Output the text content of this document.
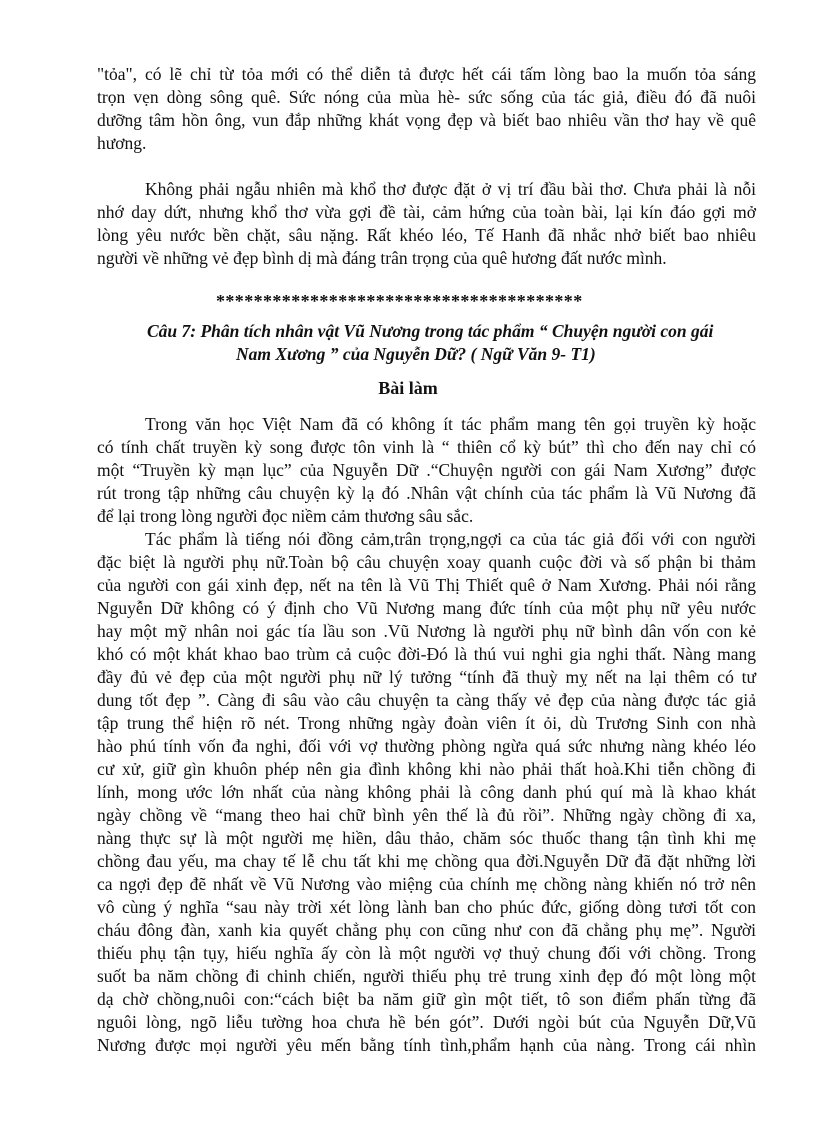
"tỏa", có lẽ chỉ từ tỏa mới có thể diễn tả được hết cái tấm lòng bao la muốn tỏa sáng
trọn vẹn dòng sông quê. Sức nóng của mùa hè- sức sống của tác giả, điều đó đã nuôi
dưỡng tâm hồn ông, vun đắp những khát vọng đẹp và biết bao nhiêu vần thơ hay về quê
hương.
Không phải ngẫu nhiên mà khổ thơ được đặt ở vị trí đầu bài thơ. Chưa phải là nỗi
nhớ day dứt, nhưng khổ thơ vừa gợi đề tài, cảm hứng của toàn bài, lại kín đáo gợi mở
lòng yêu nước bền chặt, sâu nặng. Rất khéo léo, Tế Hanh đã nhắc nhở biết bao nhiêu
người về những vẻ đẹp bình dị mà đáng trân trọng của quê hương đất nước mình.
***************************************
Câu 7: Phân tích nhân vật Vũ Nương trong tác phẩm “ Chuyện người con gái
Nam Xương ” của Nguyễn Dữ? ( Ngữ Văn 9- T1)
Bài làm
Trong văn học Việt Nam đã có không ít tác phẩm mang tên gọi truyền kỳ hoặc
có tính chất truyền kỳ song được tôn vinh là “ thiên cổ kỳ bút” thì cho đến nay chỉ có
một “Truyền kỳ mạn lục” của Nguyễn Dữ .“Chuyện người con gái Nam Xương” được
rút trong tập những câu chuyện kỳ lạ đó .Nhân vật chính của tác phẩm là Vũ Nương đã
để lại trong lòng người đọc niềm cảm thương sâu sắc.
Tác phẩm là tiếng nói đồng cảm,trân trọng,ngợi ca của tác giả đối với con người
đặc biệt là người phụ nữ.Toàn bộ câu chuyện xoay quanh cuộc đời và số phận bi thảm
của người con gái xinh đẹp, nết na tên là Vũ Thị Thiết quê ở Nam Xương. Phải nói rằng
Nguyễn Dữ không có ý định cho Vũ Nương mang đức tính của một phụ nữ yêu nước
hay một mỹ nhân noi gác tía lầu son .Vũ Nương là người phụ nữ bình dân vốn con kẻ
khó có một khát khao bao trùm cả cuộc đời-Đó là thú vui nghi gia nghi thất. Nàng mang
đầy đủ vẻ đẹp của một người phụ nữ lý tưởng “tính đã thuỳ mỵ nết na lại thêm có tư
dung tốt đẹp ”. Càng đi sâu vào câu chuyện ta càng thấy vẻ đẹp của nàng được tác giả
tập trung thể hiện rõ nét. Trong những ngày đoàn viên ít ỏi, dù Trương Sinh con nhà
hào phú tính vốn đa nghi, đối với vợ thường phòng ngừa quá sức nhưng nàng khéo léo
cư xử, giữ gìn khuôn phép nên gia đình không khi nào phải thất hoà.Khi tiễn chồng đi
lính, mong ước lớn nhất của nàng không phải là công danh phú quí mà là khao khát
ngày chồng về “mang theo hai chữ bình yên thế là đủ rồi”. Những ngày chồng đi xa,
nàng thực sự là một người mẹ hiền, dâu thảo, chăm sóc thuốc thang tận tình khi mẹ
chồng đau yếu, ma chay tế lễ chu tất khi mẹ chồng qua đời.Nguyễn Dữ đã đặt những lời
ca ngợi đẹp đẽ nhất về Vũ Nương vào miệng của chính mẹ chồng nàng khiến nó trở nên
vô cùng ý nghĩa “sau này trời xét lòng lành ban cho phúc đức, giống dòng tươi tốt con
cháu đông đàn, xanh kia quyết chẳng phụ con cũng như con đã chẳng phụ mẹ”. Người
thiếu phụ tận tụy, hiếu nghĩa ấy còn là một người vợ thuỷ chung đối với chồng. Trong
suốt ba năm chồng đi chinh chiến, người thiếu phụ trẻ trung xinh đẹp đó một lòng một
dạ chờ chồng,nuôi con:“cách biệt ba năm giữ gìn một tiết, tô son điểm phấn từng đã
nguôi lòng, ngõ liễu tường hoa chưa hề bén gót”. Dưới ngòi bút của Nguyễn Dữ,Vũ
Nương được mọi người yêu mến bằng tính tình,phẩm hạnh của nàng. Trong cái nhìn
